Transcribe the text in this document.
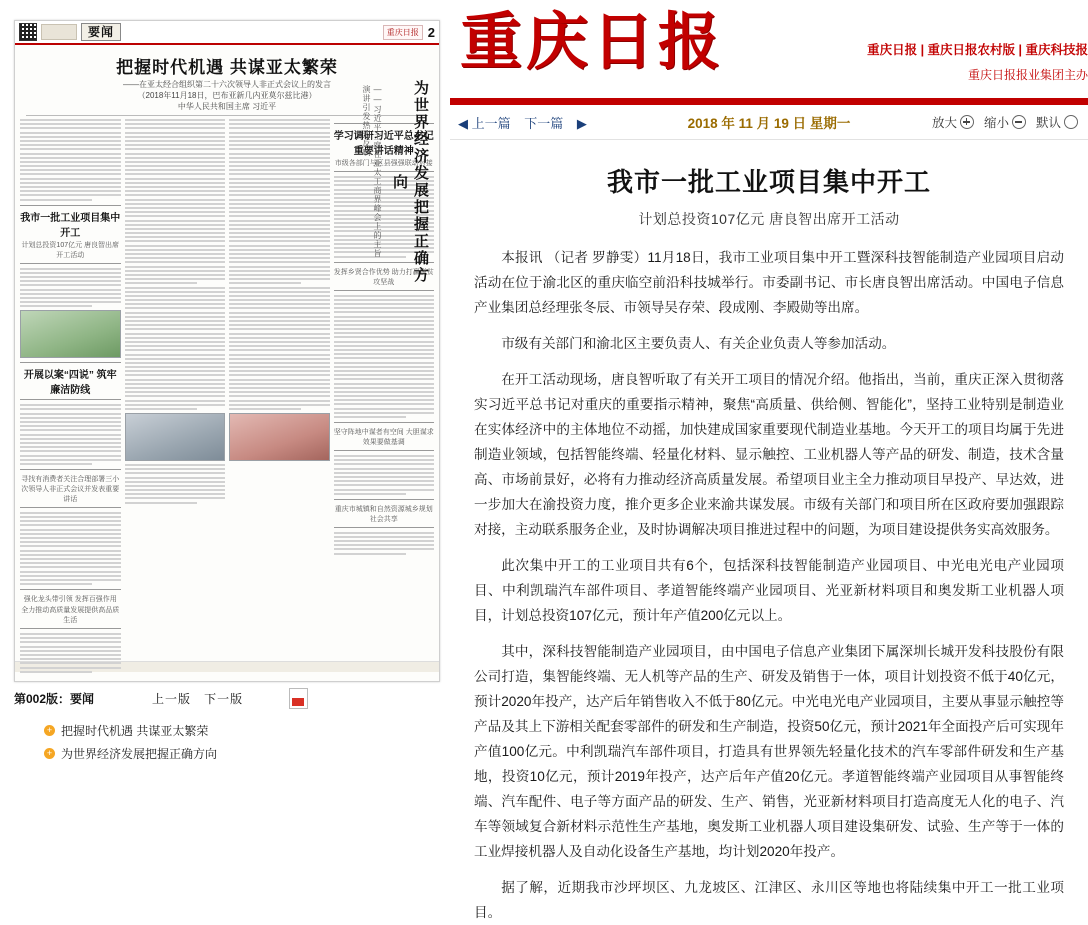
要闻	重庆日报 2
把握时代机遇 共谋亚太繁荣
——在亚太经合组织第二十六次领导人非正式会议上的发言
（2018年11月18日，巴布亚新几内亚莫尔兹比港）
中华人民共和国主席 习近平	为世界经济发展把握正确方向
——习近平主席在亚太工商界峰会上的主旨演讲引发热烈反响
我市一批工业项目集中开工
计划总投资107亿元 唐良智出席开工活动
开展以案“四说” 筑牢廉洁防线
寻找有消费者关注合理部署三小次领导人非正式会议并发表重要讲话
强化龙头带引领 发挥百强作用
全力推动高质量发展提供高品质生活
学习调研习近平总书记重要讲话精神
市级各部门与区县强强联动对接
发挥乡贤合作优势 助力打赢脱贫攻坚战
坚守阵地中谋者有空间 大胆谋求效果要做基调
重庆市城镇和自然资源城乡规划社会共享
第002版：要闻	上一版 下一版
+ 把握时代机遇 共谋亚太繁荣
+ 为世界经济发展把握正确方向
重庆日报	重庆日报 | 重庆日报农村版 | 重庆科技报
重庆日报报业集团主办
◀ 上一篇 下一篇 ▶	2018 年 11 月 19 日 星期一	放大 缩小 默认
我市一批工业项目集中开工
计划总投资107亿元 唐良智出席开工活动

本报讯 （记者 罗静雯）11月18日，我市工业项目集中开工暨深科技智能制造产业园项目启动活动在位于渝北区的重庆临空前沿科技城举行。市委副书记、市长唐良智出席活动。中国电子信息产业集团总经理张冬辰、市领导吴存荣、段成刚、李殿勋等出席。

市级有关部门和渝北区主要负责人、有关企业负责人等参加活动。

在开工活动现场，唐良智听取了有关开工项目的情况介绍。他指出，当前，重庆正深入贯彻落实习近平总书记对重庆的重要指示精神，聚焦“高质量、供给侧、智能化”，坚持工业特别是制造业在实体经济中的主体地位不动摇，加快建成国家重要现代制造业基地。今天开工的项目均属于先进制造业领域，包括智能终端、轻量化材料、显示触控、工业机器人等产品的研发、制造，技术含量高、市场前景好，必将有力推动经济高质量发展。希望项目业主全力推动项目早投产、早达效，进一步加大在渝投资力度，推介更多企业来渝共谋发展。市级有关部门和项目所在区政府要加强跟踪对接，主动联系服务企业，及时协调解决项目推进过程中的问题，为项目建设提供务实高效服务。

此次集中开工的工业项目共有6个，包括深科技智能制造产业园项目、中光电光电产业园项目、中利凯瑞汽车部件项目、孝道智能终端产业园项目、光亚新材料项目和奥发斯工业机器人项目，计划总投资107亿元，预计年产值200亿元以上。

其中，深科技智能制造产业园项目，由中国电子信息产业集团下属深圳长城开发科技股份有限公司打造，集智能终端、无人机等产品的生产、研发及销售于一体，项目计划投资不低于40亿元，预计2020年投产，达产后年销售收入不低于80亿元。中光电光电产业园项目，主要从事显示触控等产品及其上下游相关配套零部件的研发和生产制造，投资50亿元，预计2021年全面投产后可实现年产值100亿元。中利凯瑞汽车部件项目，打造具有世界领先轻量化技术的汽车零部件研发和生产基地，投资10亿元，预计2019年投产，达产后年产值20亿元。孝道智能终端产业园项目从事智能终端、汽车配件、电子等方面产品的研发、生产、销售，光亚新材料项目打造高度无人化的电子、汽车等领域复合新材料示范性生产基地，奥发斯工业机器人项目建设集研发、试验、生产等于一体的工业焊接机器人及自动化设备生产基地，均计划2020年投产。

据了解，近期我市沙坪坝区、九龙坡区、江津区、永川区等地也将陆续集中开工一批工业项目。
